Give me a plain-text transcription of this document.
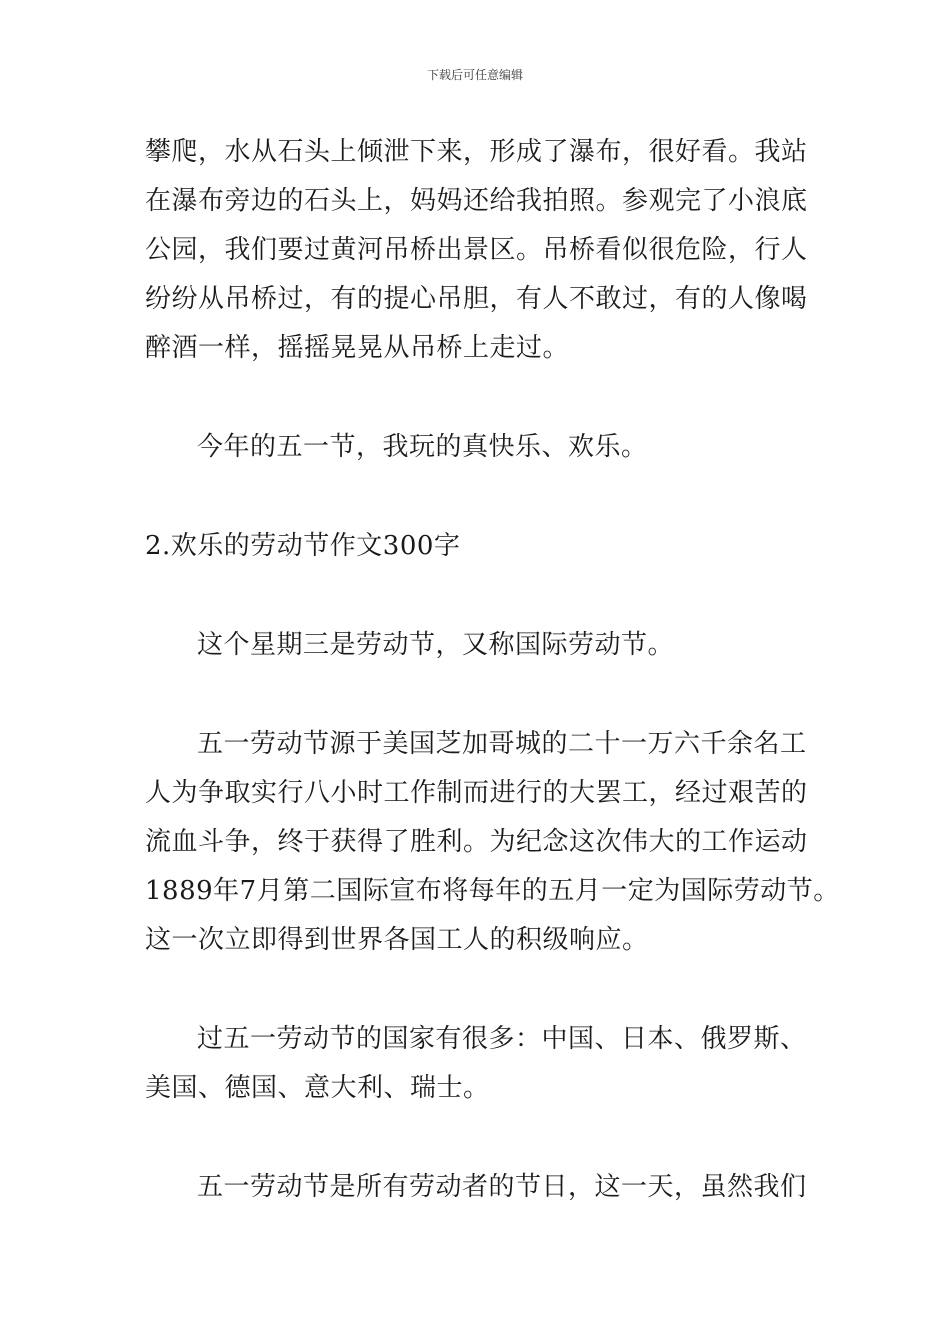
下载后可任意编辑
攀爬，水从石头上倾泄下来，形成了瀑布，很好看。我站
在瀑布旁边的石头上，妈妈还给我拍照。参观完了小浪底
公园，我们要过黄河吊桥出景区。吊桥看似很危险，行人
纷纷从吊桥过，有的提心吊胆，有人不敢过，有的人像喝
醉酒一样，摇摇晃晃从吊桥上走过。
今年的五一节，我玩的真快乐、欢乐。
2.欢乐的劳动节作文300字
这个星期三是劳动节，又称国际劳动节。
五一劳动节源于美国芝加哥城的二十一万六千余名工
人为争取实行八小时工作制而进行的大罢工，经过艰苦的
流血斗争，终于获得了胜利。为纪念这次伟大的工作运动
1889年7月第二国际宣布将每年的五月一定为国际劳动节。
这一次立即得到世界各国工人的积级响应。
过五一劳动节的国家有很多：中国、日本、俄罗斯、
美国、德国、意大利、瑞士。
五一劳动节是所有劳动者的节日，这一天，虽然我们
